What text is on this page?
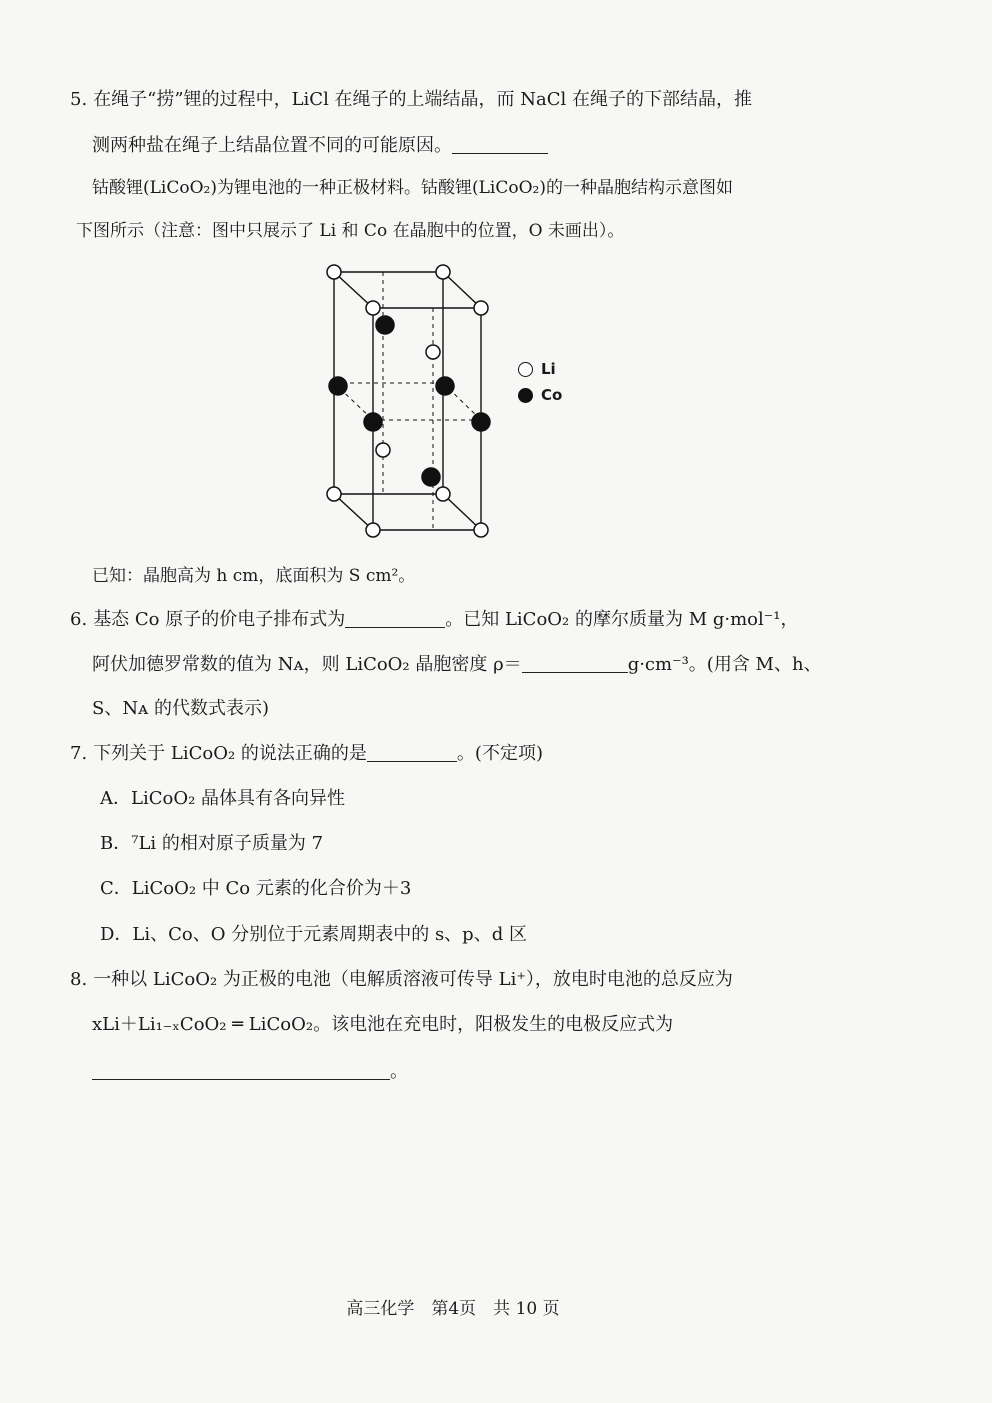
5. 在绳子“捞”锂的过程中，LiCl 在绳子的上端结晶，而 NaCl 在绳子的下部结晶，推
测两种盐在绳子上结晶位置不同的可能原因。
钴酸锂(LiCoO₂)为锂电池的一种正极材料。钴酸锂(LiCoO₂)的一种晶胞结构示意图如
下图所示（注意：图中只展示了 Li 和 Co 在晶胞中的位置，O 未画出）。
Li
Co
已知：晶胞高为 h cm，底面积为 S cm²。
6. 基态 Co 原子的价电子排布式为	。已知 LiCoO₂ 的摩尔质量为 M g·mol⁻¹，
阿伏加德罗常数的值为 Nᴀ，则 LiCoO₂ 晶胞密度 ρ＝	g·cm⁻³。(用含 M、h、
S、Nᴀ 的代数式表示)
7. 下列关于 LiCoO₂ 的说法正确的是	。(不定项)
A．LiCoO₂ 晶体具有各向异性
B．⁷Li 的相对原子质量为 7
C．LiCoO₂ 中 Co 元素的化合价为＋3
D．Li、Co、O 分别位于元素周期表中的 s、p、d 区
8. 一种以 LiCoO₂ 为正极的电池（电解质溶液可传导 Li⁺），放电时电池的总反应为
xLi＋Li₁₋ₓCoO₂ ═ LiCoO₂。该电池在充电时，阳极发生的电极反应式为
。
高三化学　第4页　共 10 页
